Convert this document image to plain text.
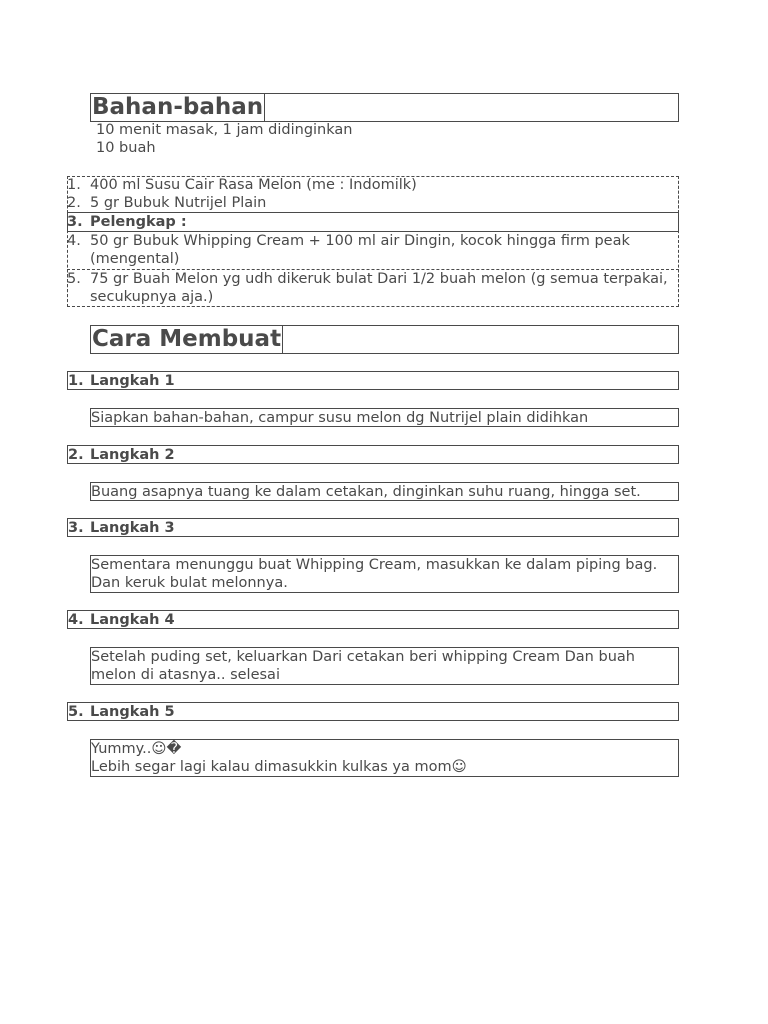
Bahan-bahan
10 menit masak, 1 jam didinginkan
10 buah
1. 400 ml Susu Cair Rasa Melon (me : Indomilk)
2. 5 gr Bubuk Nutrijel Plain
3. Pelengkap :
4. 50 gr Bubuk Whipping Cream + 100 ml air Dingin, kocok hingga firm peak
(mengental)
5. 75 gr Buah Melon yg udh dikeruk bulat Dari 1/2 buah melon (g semua terpakai,
secukupnya aja.)
Cara Membuat
1. Langkah 1
Siapkan bahan-bahan, campur susu melon dg Nutrijel plain didihkan
2. Langkah 2
Buang asapnya tuang ke dalam cetakan, dinginkan suhu ruang, hingga set.
3. Langkah 3
Sementara menunggu buat Whipping Cream, masukkan ke dalam piping bag.
Dan keruk bulat melonnya.
4. Langkah 4
Setelah puding set, keluarkan Dari cetakan beri whipping Cream Dan buah
melon di atasnya.. selesai
5. Langkah 5
Yummy..☺�
Lebih segar lagi kalau dimasukkin kulkas ya mom☺
